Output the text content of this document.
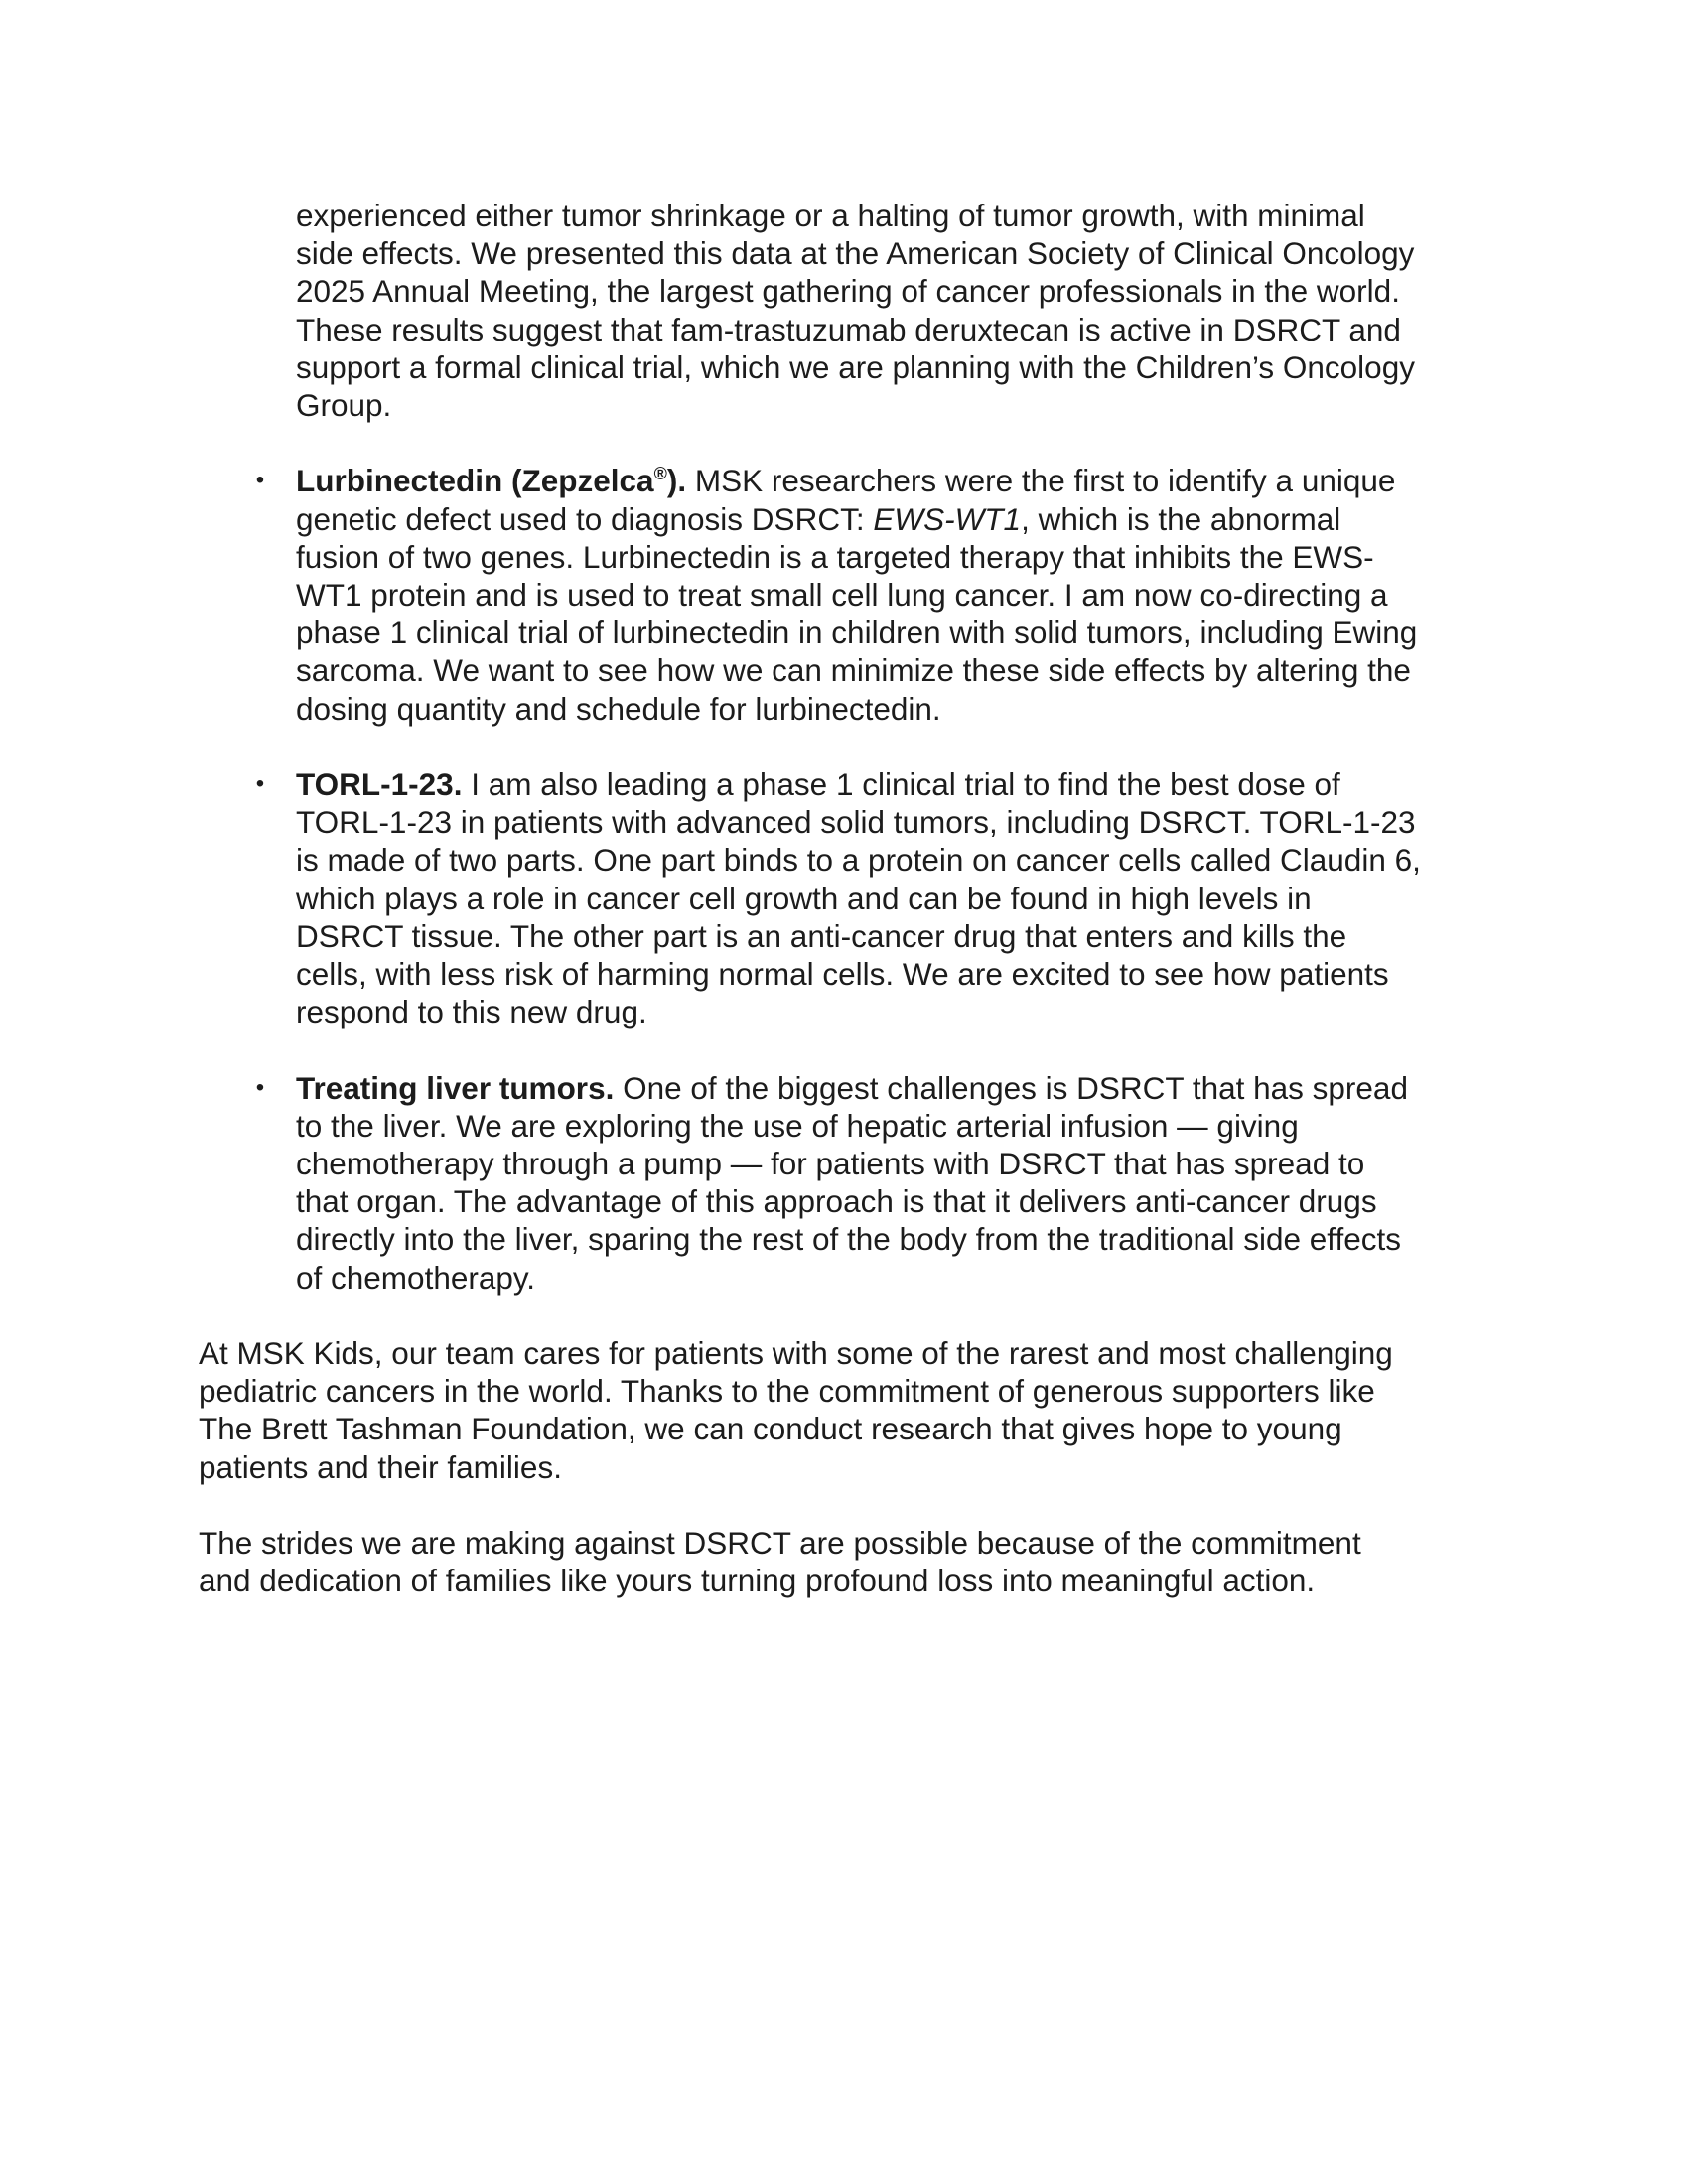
experienced either tumor shrinkage or a halting of tumor growth, with minimal
side effects. We presented this data at the American Society of Clinical Oncology
2025 Annual Meeting, the largest gathering of cancer professionals in the world.
These results suggest that fam-trastuzumab deruxtecan is active in DSRCT and
support a formal clinical trial, which we are planning with the Children’s Oncology
Group.
• Lurbinectedin (Zepzelca®). MSK researchers were the first to identify a unique
genetic defect used to diagnosis DSRCT: EWS-WT1, which is the abnormal
fusion of two genes. Lurbinectedin is a targeted therapy that inhibits the EWS-
WT1 protein and is used to treat small cell lung cancer. I am now co-directing a
phase 1 clinical trial of lurbinectedin in children with solid tumors, including Ewing
sarcoma. We want to see how we can minimize these side effects by altering the
dosing quantity and schedule for lurbinectedin.
• TORL-1-23. I am also leading a phase 1 clinical trial to find the best dose of
TORL-1-23 in patients with advanced solid tumors, including DSRCT. TORL-1-23
is made of two parts. One part binds to a protein on cancer cells called Claudin 6,
which plays a role in cancer cell growth and can be found in high levels in
DSRCT tissue. The other part is an anti-cancer drug that enters and kills the
cells, with less risk of harming normal cells. We are excited to see how patients
respond to this new drug.
• Treating liver tumors. One of the biggest challenges is DSRCT that has spread
to the liver. We are exploring the use of hepatic arterial infusion — giving
chemotherapy through a pump — for patients with DSRCT that has spread to
that organ. The advantage of this approach is that it delivers anti-cancer drugs
directly into the liver, sparing the rest of the body from the traditional side effects
of chemotherapy.
At MSK Kids, our team cares for patients with some of the rarest and most challenging
pediatric cancers in the world. Thanks to the commitment of generous supporters like
The Brett Tashman Foundation, we can conduct research that gives hope to young
patients and their families.
The strides we are making against DSRCT are possible because of the commitment
and dedication of families like yours turning profound loss into meaningful action.
